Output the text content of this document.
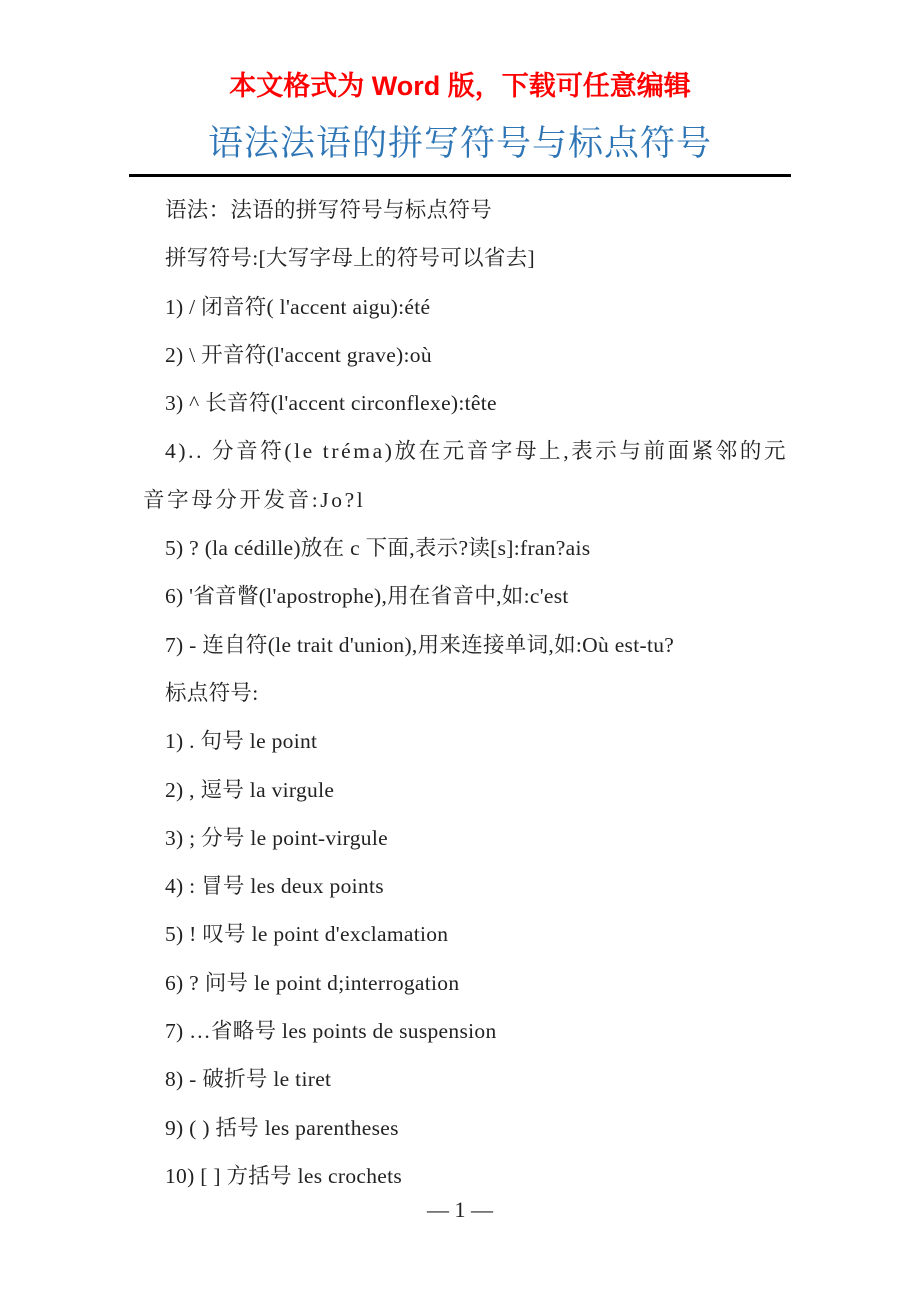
本文格式为 Word 版，下载可任意编辑
语法法语的拼写符号与标点符号

语法：法语的拼写符号与标点符号

拼写符号:[大写字母上的符号可以省去]

1) / 闭音符( l'accent aigu):été

2) \ 开音符(l'accent grave):où

3) ^ 长音符(l'accent circonflexe):tête

4).. 分音符(le tréma)放在元音字母上,表示与前面紧邻的元音字母分开发音:Jo?l

5) ? (la cédille)放在 c 下面,表示?读[s]:fran?ais

6) '省音瞥(l'apostrophe),用在省音中,如:c'est

7) - 连自符(le trait d'union),用来连接单词,如:Où est-tu?

标点符号:

1) . 句号 le point

2) , 逗号 la virgule

3) ; 分号 le point-virgule

4) : 冒号 les deux points

5) ! 叹号 le point d'exclamation

6) ? 问号 le point d;interrogation

7) …省略号 les points de suspension

8) - 破折号 le tiret

9) ( ) 括号 les parentheses

10) [ ] 方括号 les crochets

— 1 —
